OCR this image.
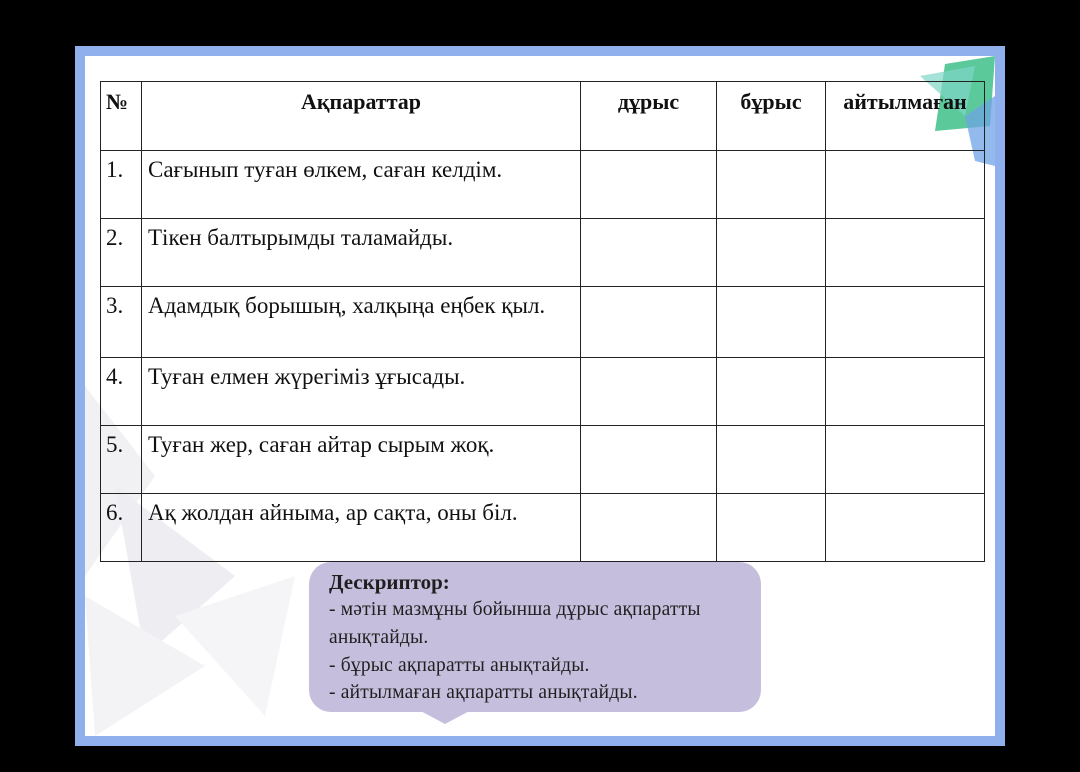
№	Ақпараттар	дұрыс	бұрыс	айтылмаған
1.	Сағынып туған өлкем, саған келдім.			
2.	Тікен балтырымды таламайды.			
3.	Адамдық борышың, халқыңа еңбек қыл.			
4.	Туған елмен жүрегіміз ұғысады.			
5.	Туған жер, саған айтар сырым жоқ.			
6.	Ақ жолдан айныма, ар сақта, оны біл.			
Дескриптор:
- мәтін мазмұны бойынша дұрыс ақпаратты анықтайды.
- бұрыс ақпаратты анықтайды.
- айтылмаған ақпаратты анықтайды.
